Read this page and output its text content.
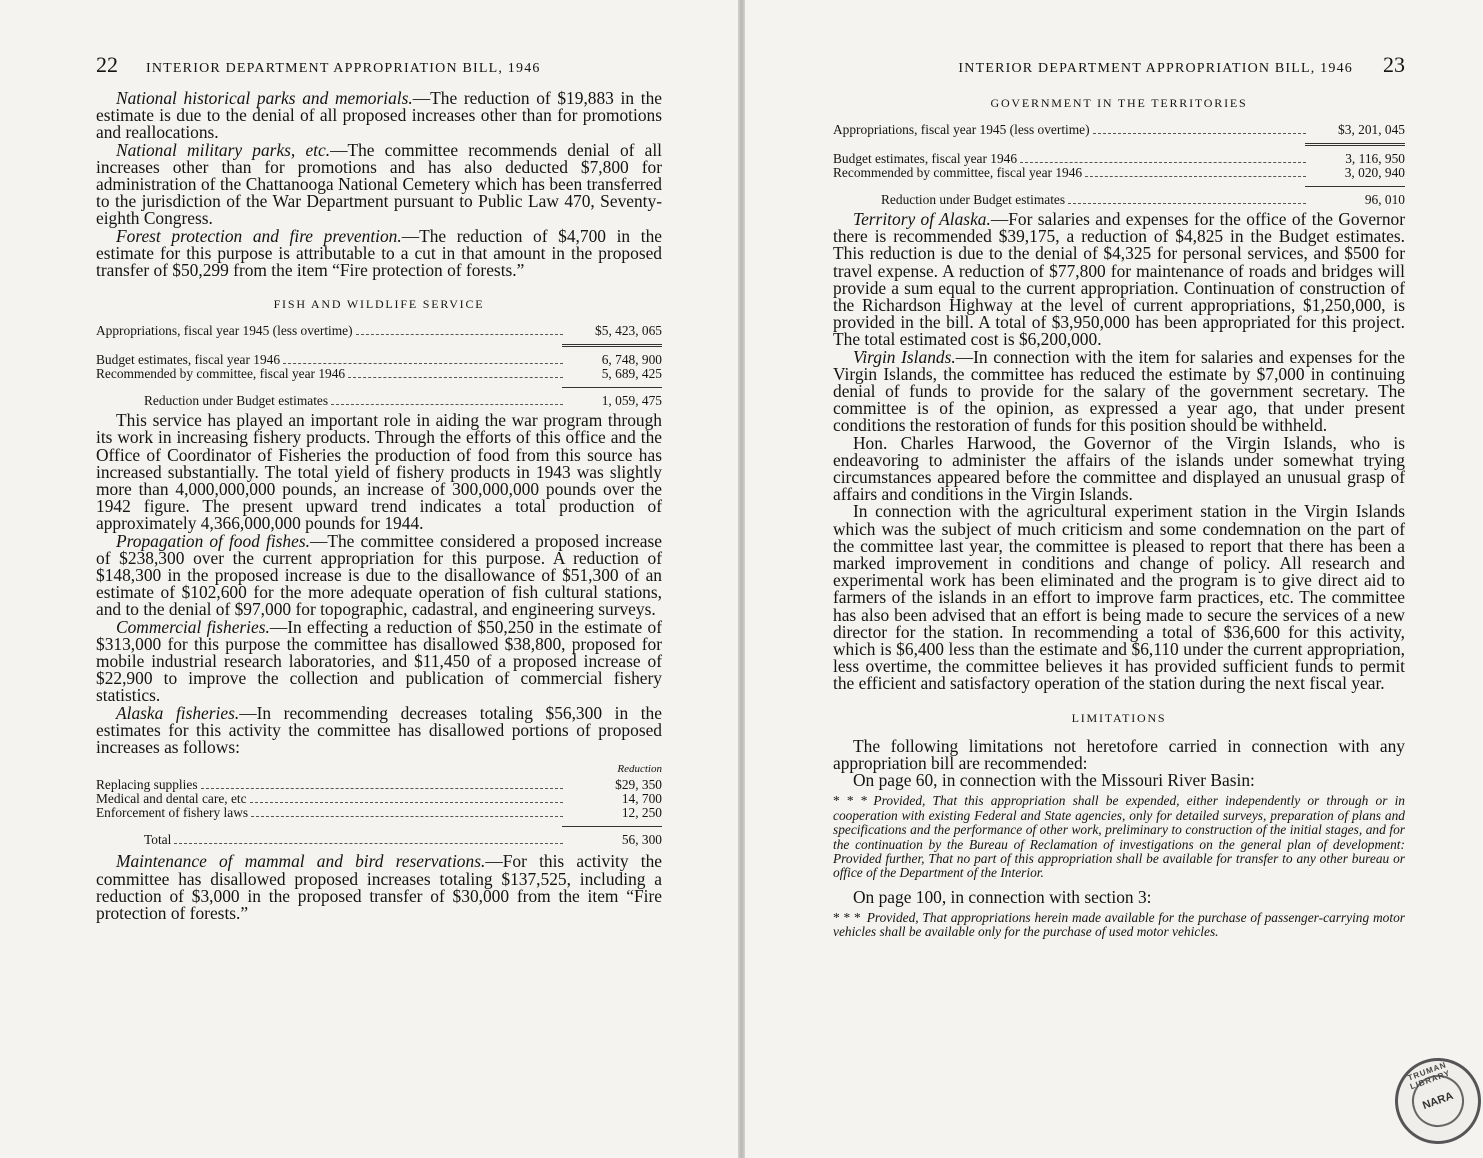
22 INTERIOR DEPARTMENT APPROPRIATION BILL, 1946

National historical parks and memorials.—The reduction of $19,883 in the estimate is due to the denial of all proposed increases other than for promotions and reallocations.

National military parks, etc.—The committee recommends denial of all increases other than for promotions and has also deducted $7,800 for administration of the Chattanooga National Cemetery which has been transferred to the jurisdiction of the War Department pursuant to Public Law 470, Seventy-eighth Congress.

Forest protection and fire prevention.—The reduction of $4,700 in the estimate for this purpose is attributable to a cut in that amount in the proposed transfer of $50,299 from the item “Fire protection of forests.”

FISH AND WILDLIFE SERVICE
Appropriations, fiscal year 1945 (less overtime)	$5, 423, 065
Budget estimates, fiscal year 1946	6, 748, 900
Recommended by committee, fiscal year 1946	5, 689, 425
Reduction under Budget estimates	1, 059, 475

This service has played an important role in aiding the war program through its work in increasing fishery products. Through the efforts of this office and the Office of Coordinator of Fisheries the production of food from this source has increased substantially. The total yield of fishery products in 1943 was slightly more than 4,000,000,000 pounds, an increase of 300,000,000 pounds over the 1942 figure. The present upward trend indicates a total production of approximately 4,366,000,000 pounds for 1944.

Propagation of food fishes.—The committee considered a proposed increase of $238,300 over the current appropriation for this purpose. A reduction of $148,300 in the proposed increase is due to the disallowance of $51,300 of an estimate of $102,600 for the more adequate operation of fish cultural stations, and to the denial of $97,000 for topographic, cadastral, and engineering surveys.

Commercial fisheries.—In effecting a reduction of $50,250 in the estimate of $313,000 for this purpose the committee has disallowed $38,800, proposed for mobile industrial research laboratories, and $11,450 of a proposed increase of $22,900 to improve the collection and publication of commercial fishery statistics.

Alaska fisheries.—In recommending decreases totaling $56,300 in the estimates for this activity the committee has disallowed portions of proposed increases as follows:

Reduction
Replacing supplies	$29, 350
Medical and dental care, etc	14, 700
Enforcement of fishery laws	12, 250
Total	56, 300

Maintenance of mammal and bird reservations.—For this activity the committee has disallowed proposed increases totaling $137,525, including a reduction of $3,000 in the proposed transfer of $30,000 from the item “Fire protection of forests.”

INTERIOR DEPARTMENT APPROPRIATION BILL, 1946 23
GOVERNMENT IN THE TERRITORIES
Appropriations, fiscal year 1945 (less overtime)	$3, 201, 045
Budget estimates, fiscal year 1946	3, 116, 950
Recommended by committee, fiscal year 1946	3, 020, 940
Reduction under Budget estimates	96, 010

Territory of Alaska.—For salaries and expenses for the office of the Governor there is recommended $39,175, a reduction of $4,825 in the Budget estimates. This reduction is due to the denial of $4,325 for personal services, and $500 for travel expense. A reduction of $77,800 for maintenance of roads and bridges will provide a sum equal to the current appropriation. Continuation of construction of the Richardson Highway at the level of current appropriations, $1,250,000, is provided in the bill. A total of $3,950,000 has been appropriated for this project. The total estimated cost is $6,200,000.

Virgin Islands.—In connection with the item for salaries and expenses for the Virgin Islands, the committee has reduced the estimate by $7,000 in continuing denial of funds to provide for the salary of the government secretary. The committee is of the opinion, as expressed a year ago, that under present conditions the restoration of funds for this position should be withheld.

Hon. Charles Harwood, the Governor of the Virgin Islands, who is endeavoring to administer the affairs of the islands under somewhat trying circumstances appeared before the committee and displayed an unusual grasp of affairs and conditions in the Virgin Islands.

In connection with the agricultural experiment station in the Virgin Islands which was the subject of much criticism and some condemnation on the part of the committee last year, the committee is pleased to report that there has been a marked improvement in conditions and change of policy. All research and experimental work has been eliminated and the program is to give direct aid to farmers of the islands in an effort to improve farm practices, etc. The committee has also been advised that an effort is being made to secure the services of a new director for the station. In recommending a total of $36,600 for this activity, which is $6,400 less than the estimate and $6,110 under the current appropriation, less overtime, the committee believes it has provided sufficient funds to permit the efficient and satisfactory operation of the station during the next fiscal year.

LIMITATIONS

The following limitations not heretofore carried in connection with any appropriation bill are recommended:

On page 60, in connection with the Missouri River Basin:

* * * Provided, That this appropriation shall be expended, either independently or through or in cooperation with existing Federal and State agencies, only for detailed surveys, preparation of plans and specifications and the performance of other work, preliminary to construction of the initial stages, and for the continuation by the Bureau of Reclamation of investigations on the general plan of development: Provided further, That no part of this appropriation shall be available for transfer to any other bureau or office of the Department of the Interior.

On page 100, in connection with section 3:

* * * Provided, That appropriations herein made available for the purchase of passenger-carrying motor vehicles shall be available only for the purchase of used motor vehicles.
TRUMAN LIBRARY
NARA
